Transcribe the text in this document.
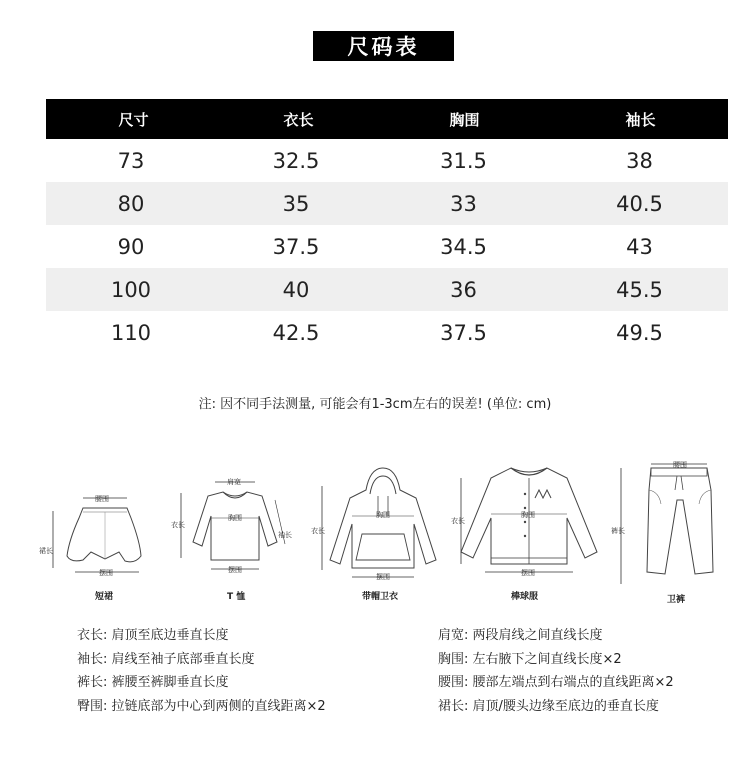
尺码表
尺寸	衣长	胸围	袖长
73	32.5	31.5	38
80	35	33	40.5
90	37.5	34.5	43
100	40	36	45.5
110	42.5	37.5	49.5
注: 因不同手法测量, 可能会有1-3cm左右的误差! (单位: cm)
腰围
裙长
摆围
短裙
肩宽
胸围
衣长
袖长
摆围
T 恤
胸围
衣长
摆围
带帽卫衣
胸围
衣长
摆围
棒球服
腰围
裤长
卫裤
衣长:
肩顶至底边垂直长度
袖长:
肩线至袖子底部垂直长度
裤长:
裤腰至裤脚垂直长度
臀围:
拉链底部为中心到两侧的直线距离×2
肩宽:
两段肩线之间直线长度
胸围:
左右腋下之间直线长度×2
腰围:
腰部左端点到右端点的直线距离×2
裙长:
肩顶/腰头边缘至底边的垂直长度
